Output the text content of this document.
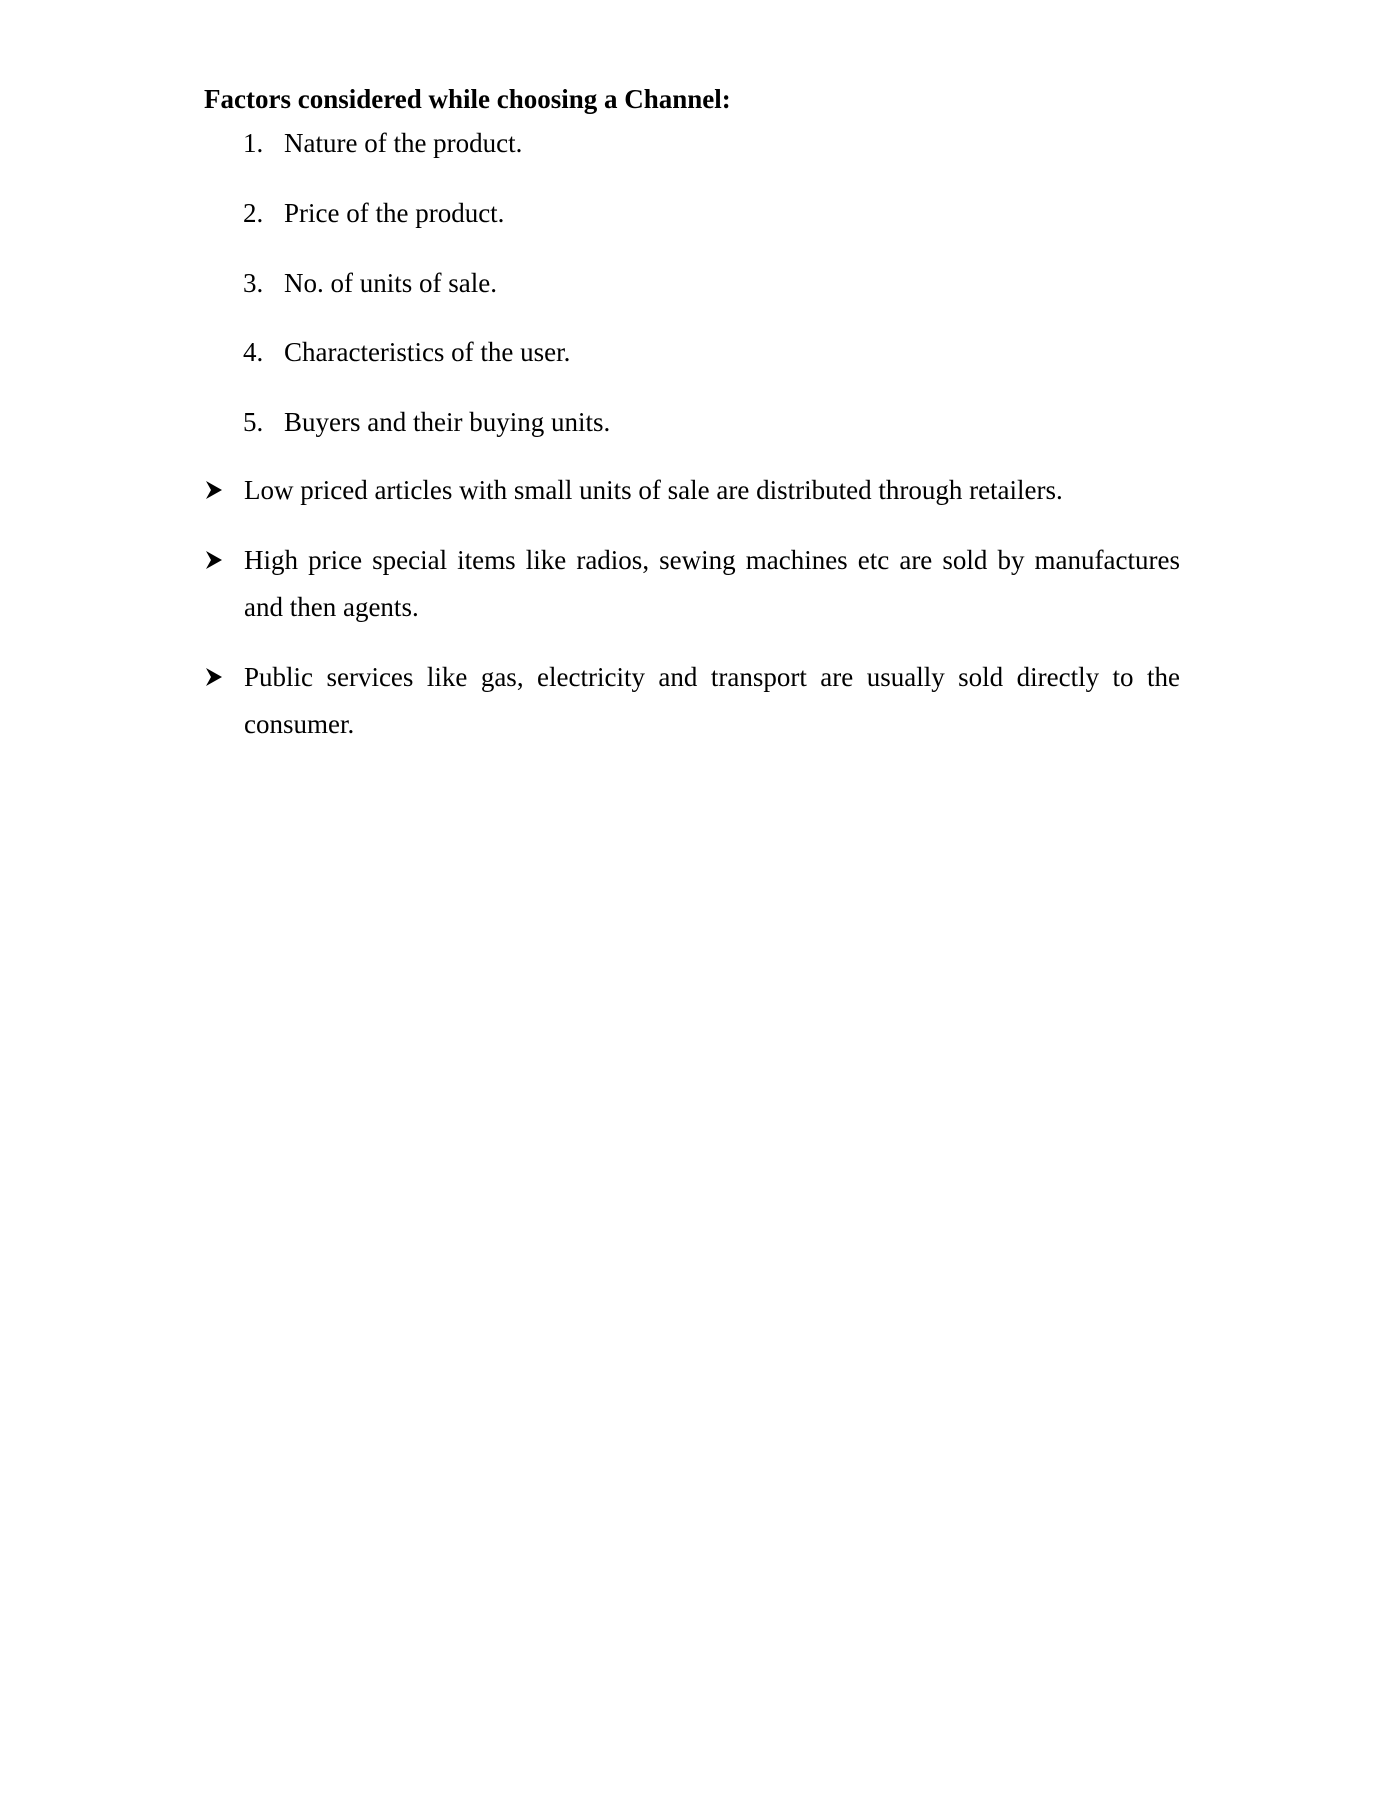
Factors considered while choosing a Channel:
1. Nature of the product.
2. Price of the product.
3. No. of units of sale.
4. Characteristics of the user.
5. Buyers and their buying units.
Low priced articles with small units of sale are distributed through retailers.
High price special items like radios, sewing machines etc are sold by manufactures and then agents.
Public services like gas, electricity and transport are usually sold directly to the consumer.
